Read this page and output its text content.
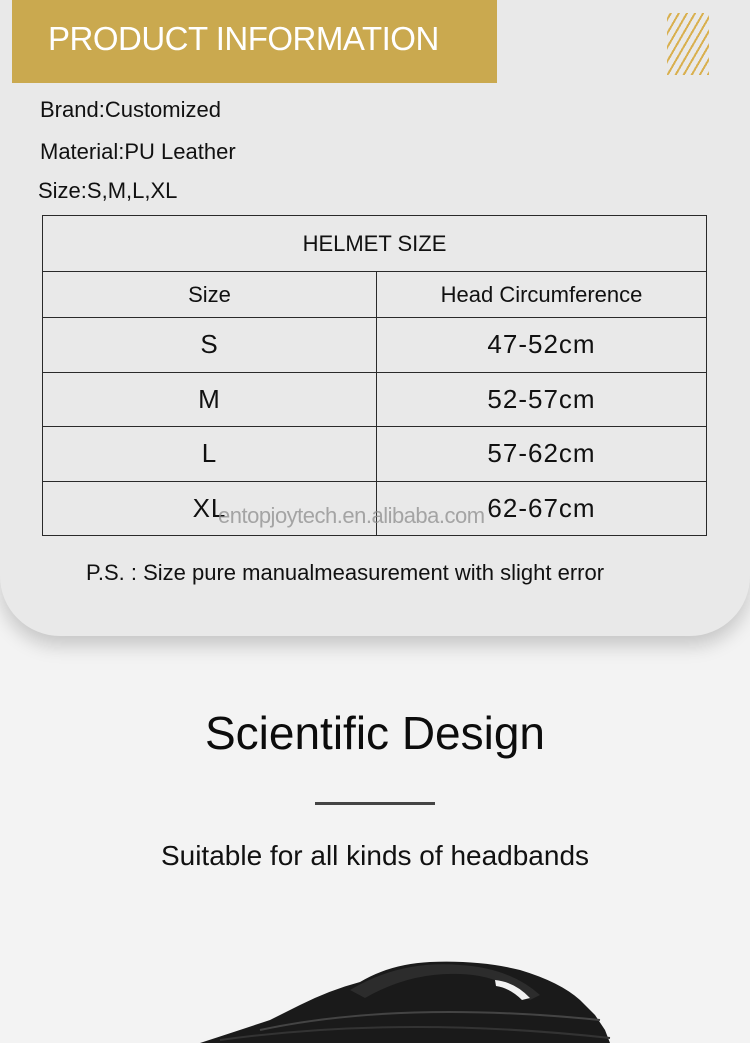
PRODUCT INFORMATION
Brand:Customized
Material:PU Leather
Size:S,M,L,XL
HELMET SIZE	
Size	Head Circumference
S	47-52cm
M	52-57cm
L	57-62cm
XL	62-67cm
entopjoytech.en.alibaba.com
P.S. : Size pure manualmeasurement with slight error
Scientific Design
Suitable for all kinds of headbands
